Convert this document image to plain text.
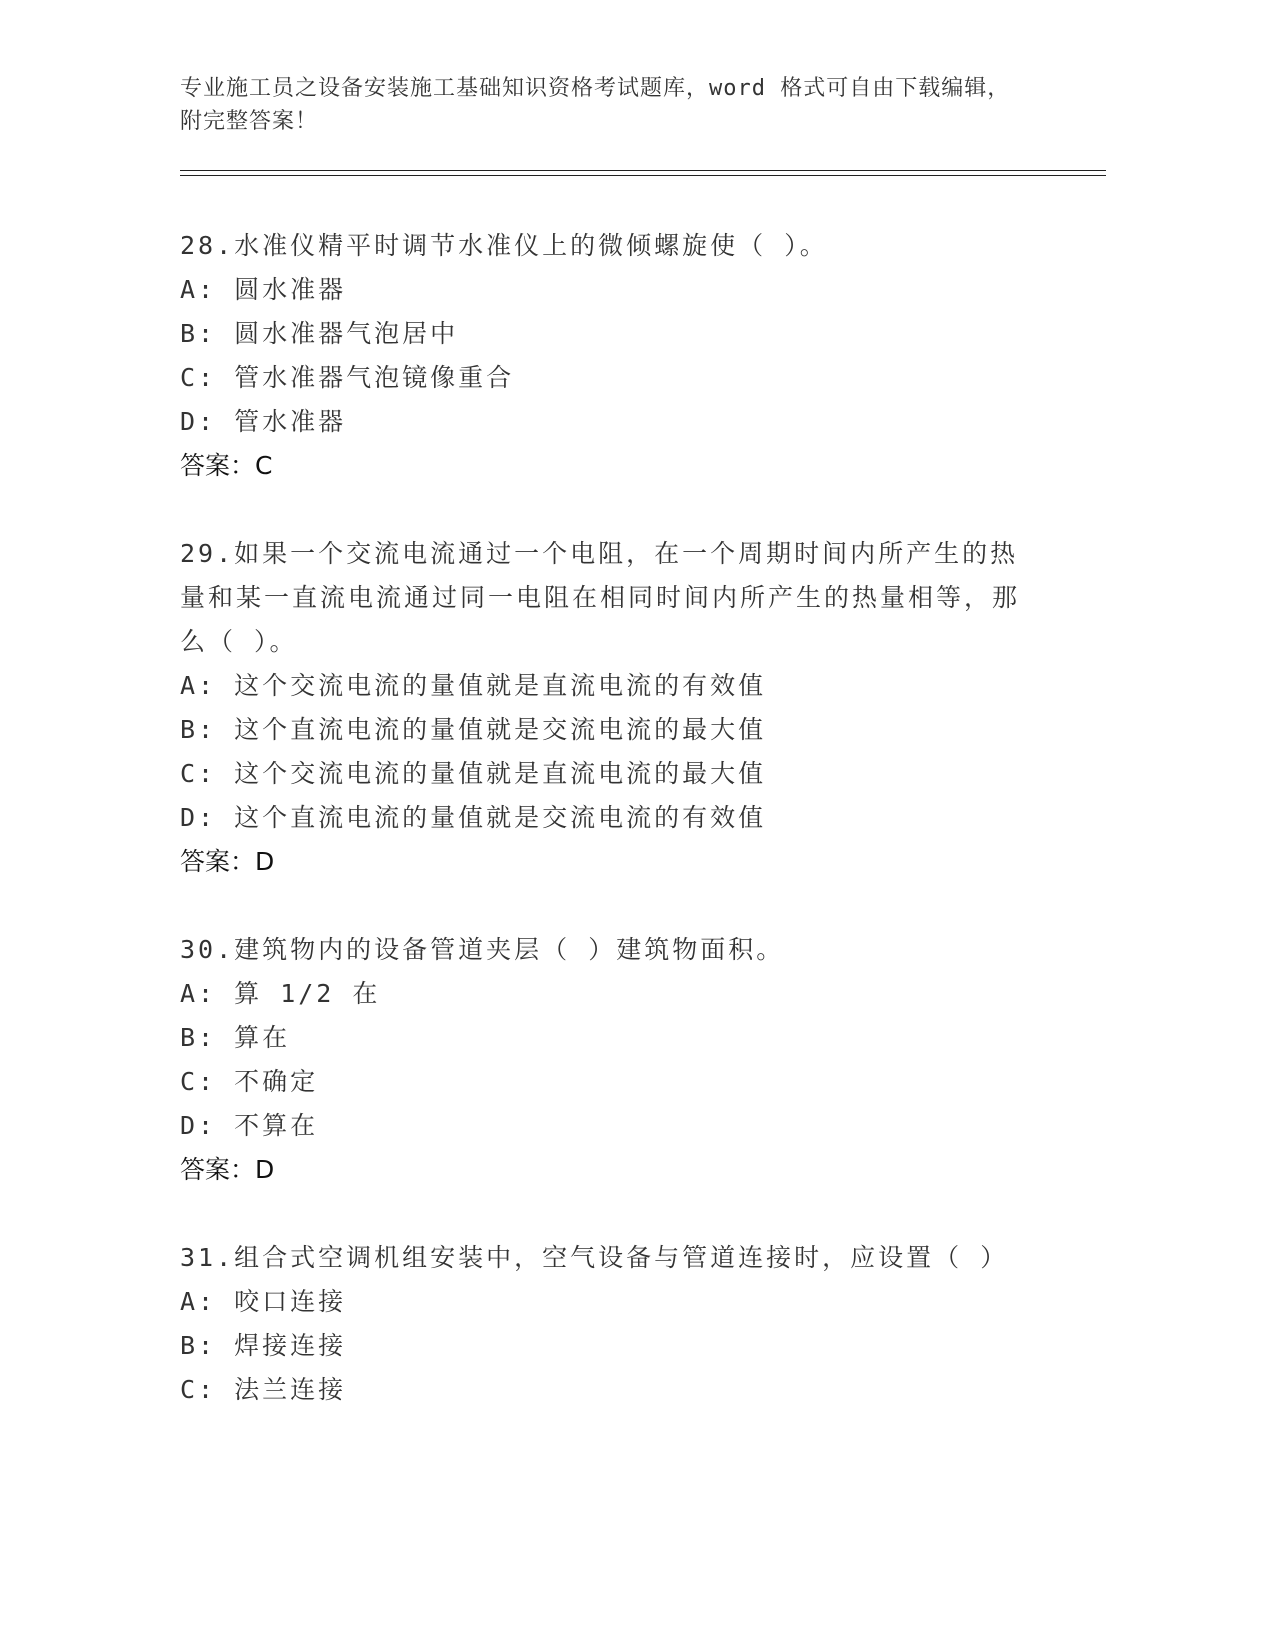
专业施工员之设备安装施工基础知识资格考试题库，word 格式可自由下载编辑，
附完整答案！
28.水准仪精平时调节水准仪上的微倾螺旋使（ ）。
A: 圆水准器
B: 圆水准器气泡居中
C: 管水准器气泡镜像重合
D: 管水准器
答案：C
29.如果一个交流电流通过一个电阻，在一个周期时间内所产生的热量和某一直流电流通过同一电阻在相同时间内所产生的热量相等，那么（ ）。
A: 这个交流电流的量值就是直流电流的有效值
B: 这个直流电流的量值就是交流电流的最大值
C: 这个交流电流的量值就是直流电流的最大值
D: 这个直流电流的量值就是交流电流的有效值
答案：D
30.建筑物内的设备管道夹层（ ）建筑物面积。
A: 算 1/2 在
B: 算在
C: 不确定
D: 不算在
答案：D
31.组合式空调机组安装中，空气设备与管道连接时，应设置（ ）
A: 咬口连接
B: 焊接连接
C: 法兰连接
